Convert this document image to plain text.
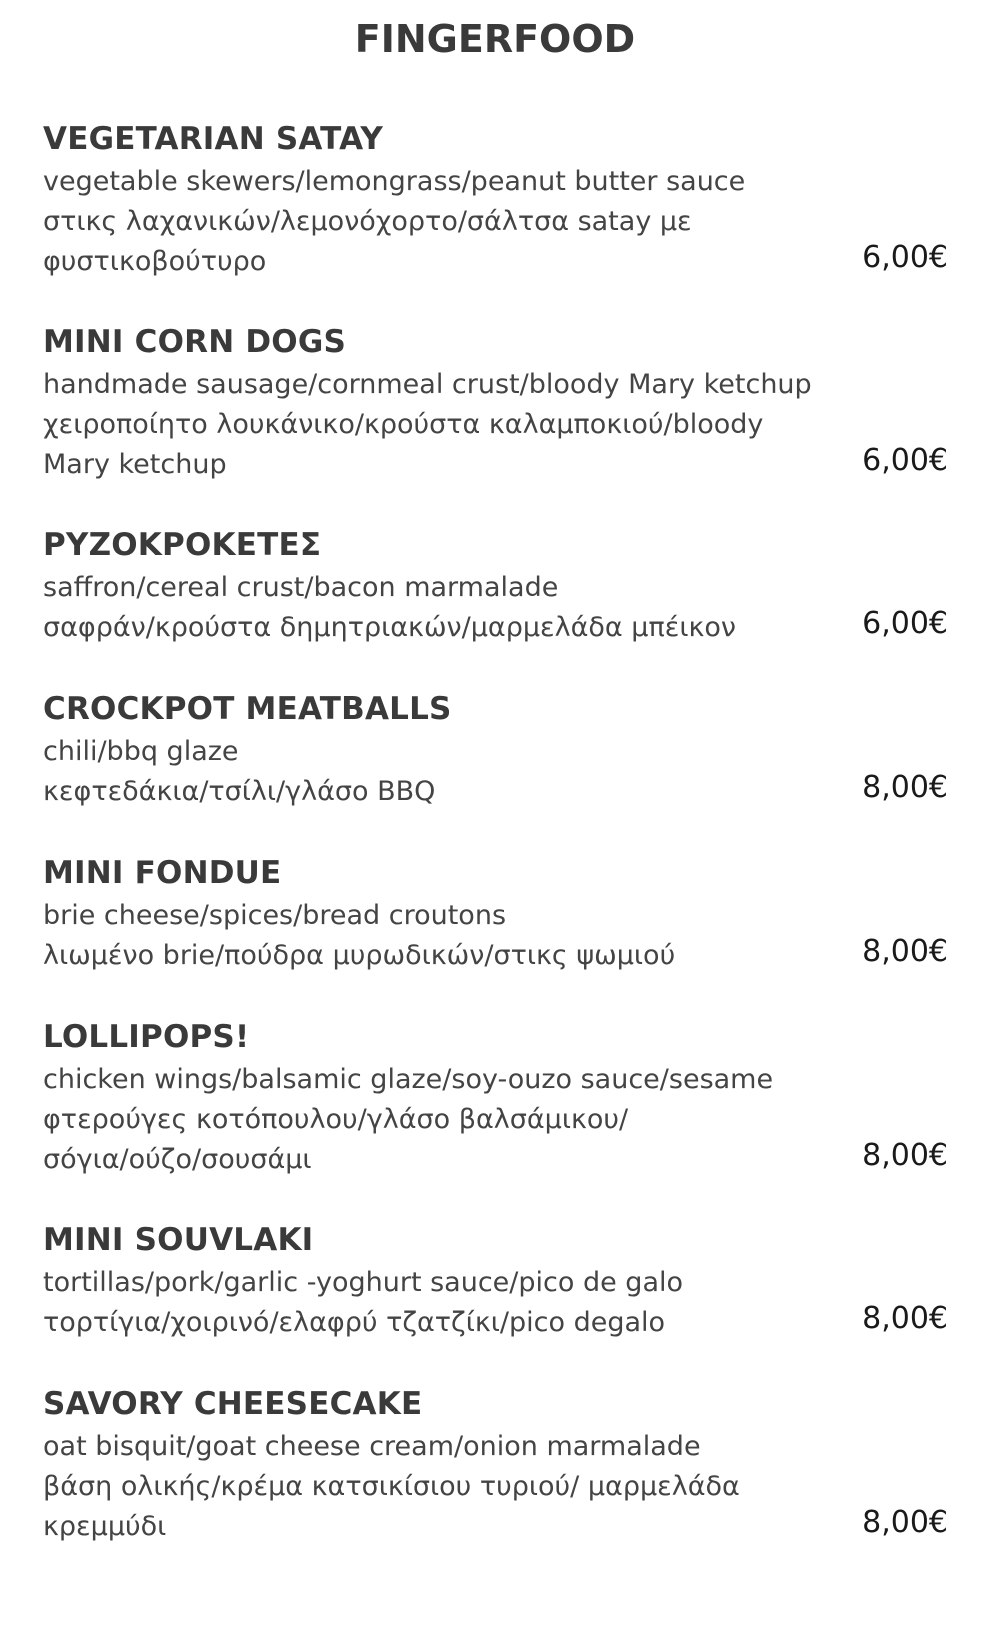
FINGERFOOD
VEGETARIAN SATAY
vegetable skewers/lemongrass/peanut butter sauce
στικς λαχανικών/λεμονόχορτο/σάλτσα satay με
φυστικοβούτυρο	6,00€
MINI CORN DOGS
handmade sausage/cornmeal crust/bloody Mary ketchup
χειροποίητο λουκάνικο/κρούστα καλαμποκιού/bloody
Mary ketchup	6,00€
ΡΥΖΟΚΡΟΚΕΤΕΣ
saffron/cereal crust/bacon marmalade
σαφράν/κρούστα δημητριακών/μαρμελάδα μπέικον	6,00€
CROCKPOT MEATBALLS
chili/bbq glaze
κεφτεδάκια/τσίλι/γλάσο BBQ	8,00€
MINI FONDUE
brie cheese/spices/bread croutons
λιωμένο brie/πούδρα μυρωδικών/στικς ψωμιού	8,00€
LOLLIPOPS!
chicken wings/balsamic glaze/soy-ouzo sauce/sesame
φτερούγες κοτόπουλου/γλάσο βαλσάμικου/
σόγια/ούζο/σουσάμι	8,00€
MINI SOUVLAKI
tortillas/pork/garlic -yoghurt sauce/pico de galo
τορτίγια/χοιρινό/ελαφρύ τζατζίκι/pico degalo	8,00€
SAVORY CHEESECAKE
oat bisquit/goat cheese cream/onion marmalade
βάση ολικής/κρέμα κατσικίσιου τυριού/ μαρμελάδα
κρεμμύδι	8,00€
